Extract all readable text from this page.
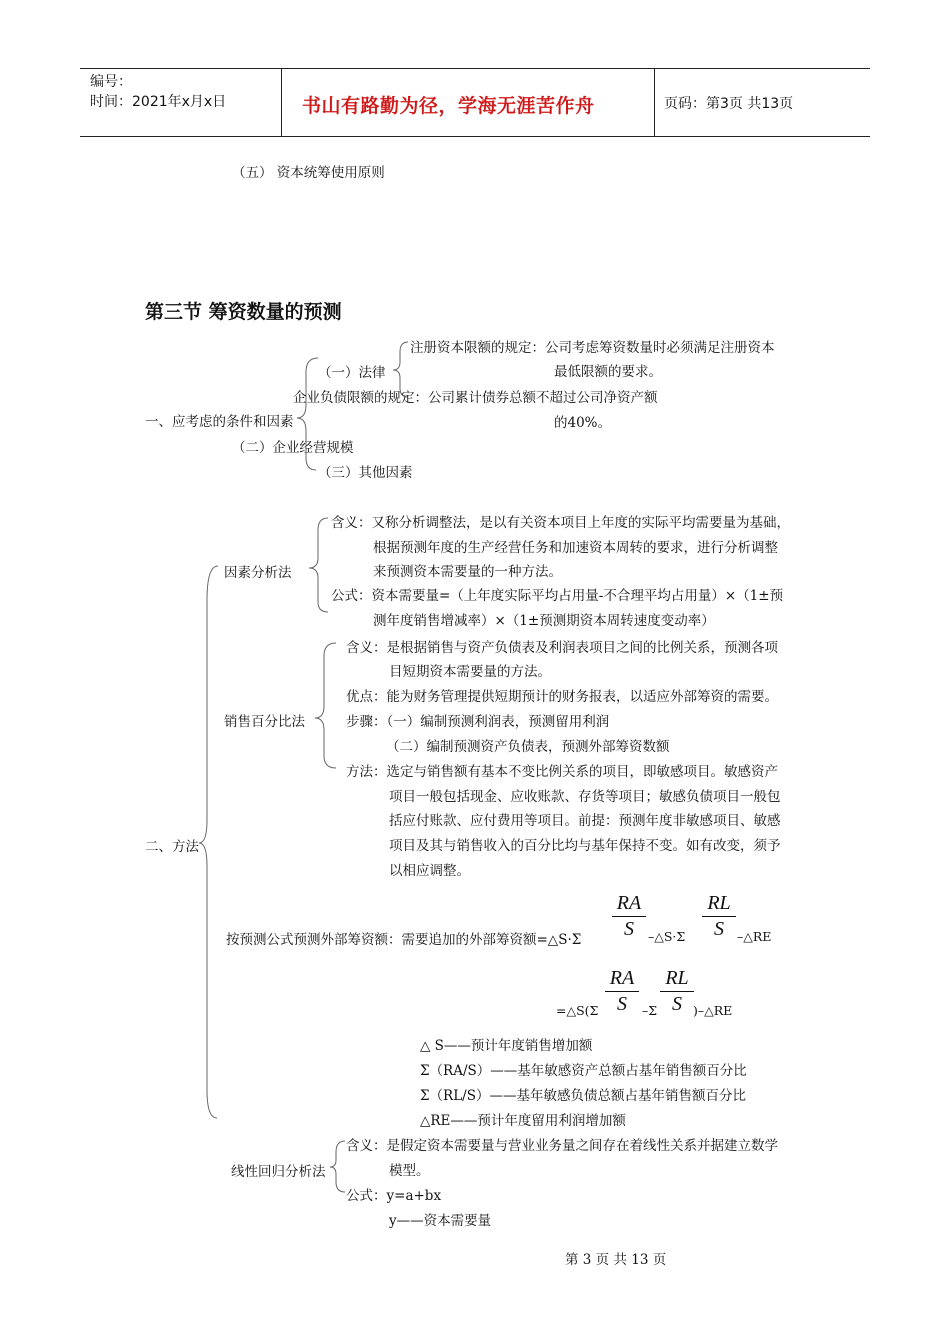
编号：
时间：2021年x月x日	书山有路勤为径，学海无涯苦作舟	页码：第3页 共13页
（五） 资本统筹使用原则
第三节 筹资数量的预测
注册资本限额的规定：公司考虑筹资数量时必须满足注册资本
最低限额的要求。
（一）法律
企业负债限额的规定：公司累计债券总额不超过公司净资产额
的40%。
一、应考虑的条件和因素
（二）企业经营规模
（三）其他因素
含义：又称分析调整法，是以有关资本项目上年度的实际平均需要量为基础，
根据预测年度的生产经营任务和加速资本周转的要求，进行分析调整
来预测资本需要量的一种方法。
因素分析法
公式：资本需要量=（上年度实际平均占用量-不合理平均占用量）×（1±预
测年度销售增减率）×（1±预测期资本周转速度变动率）
含义：是根据销售与资产负债表及利润表项目之间的比例关系，预测各项
目短期资本需要量的方法。
优点：能为财务管理提供短期预计的财务报表，以适应外部筹资的需要。
销售百分比法	步骤：（一）编制预测利润表，预测留用利润
（二）编制预测资产负债表，预测外部筹资数额
方法：选定与销售额有基本不变比例关系的项目，即敏感项目。敏感资产
项目一般包括现金、应收账款、存货等项目；敏感负债项目一般包
括应付账款、应付费用等项目。前提：预测年度非敏感项目、敏感
项目及其与销售收入的百分比均与基年保持不变。如有改变，须予
以相应调整。
二、方法
按预测公式预测外部筹资额：需要追加的外部筹资额=△S·Σ
RA
S	–△S·Σ
RL
S	–△RE
=△S(Σ
RA
S	–Σ
RL
S )–△RE
△ S——预计年度销售增加额
Σ（RA/S）——基年敏感资产总额占基年销售额百分比
Σ（RL/S）——基年敏感负债总额占基年销售额百分比
△RE——预计年度留用利润增加额
含义：是假定资本需要量与营业业务量之间存在着线性关系并据建立数学
模型。
线性回归分析法
公式：y=a+bx
y——资本需要量
第 3 页 共 13 页
